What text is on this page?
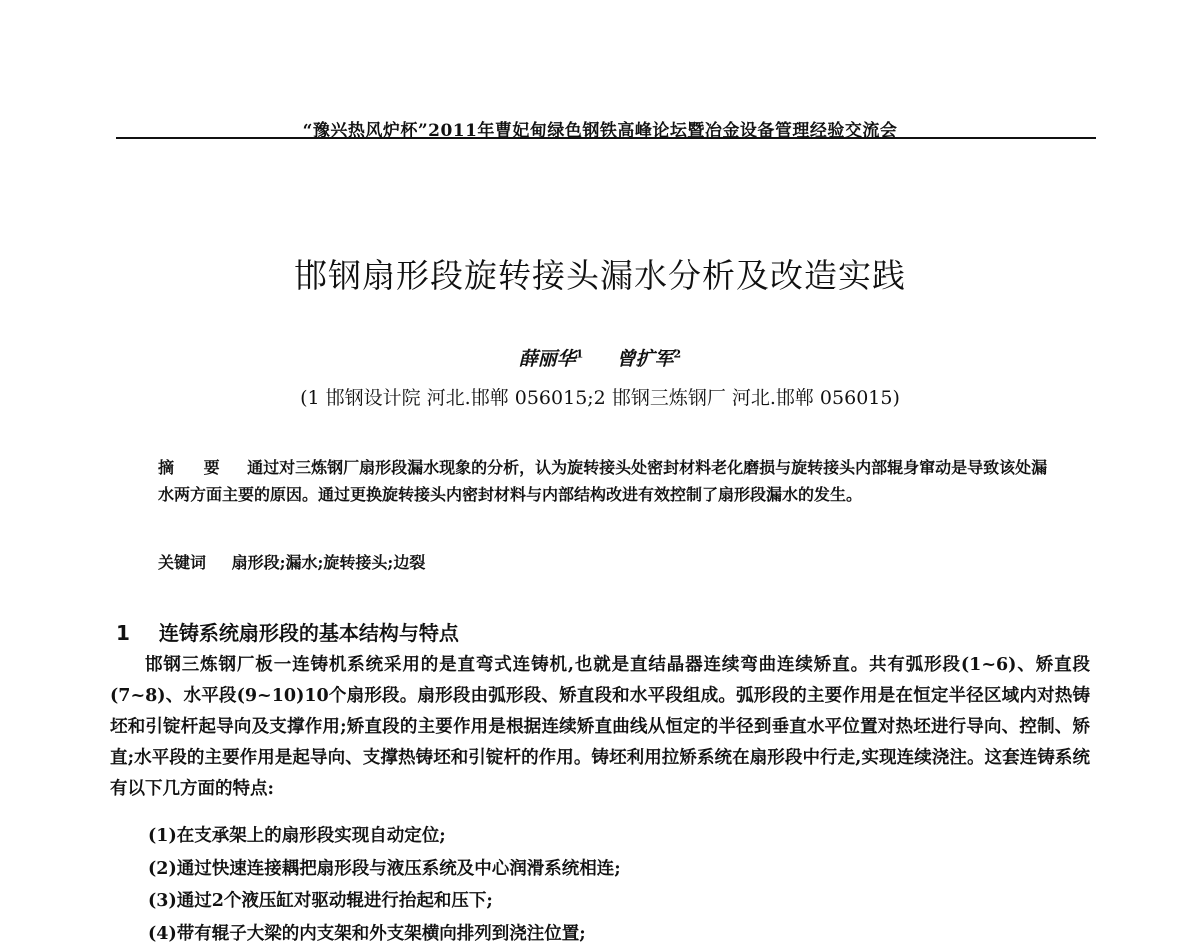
“豫兴热风炉杯”2011年曹妃甸绿色钢铁高峰论坛暨冶金设备管理经验交流会
邯钢扇形段旋转接头漏水分析及改造实践
薛丽华$^1$ 曾扩军$^2$
(1 邯钢设计院 河北.邯郸 056015;2 邯钢三炼钢厂 河北.邯郸 056015)
摘 要 通过对三炼钢厂扇形段漏水现象的分析，认为旋转接头处密封材料老化磨损与旋转接头内部辊身窜动是导致该处漏水两方面主要的原因。通过更换旋转接头内密封材料与内部结构改进有效控制了扇形段漏水的发生。
关键词 扇形段;漏水;旋转接头;边裂
1 连铸系统扇形段的基本结构与特点

邯钢三炼钢厂板一连铸机系统采用的是直弯式连铸机,也就是直结晶器连续弯曲连续矫直。共有弧形段(1~6)、矫直段(7~8)、水平段(9~10)10个扇形段。扇形段由弧形段、矫直段和水平段组成。弧形段的主要作用是在恒定半径区域内对热铸坯和引锭杆起导向及支撑作用;矫直段的主要作用是根据连续矫直曲线从恒定的半径到垂直水平位置对热坯进行导向、控制、矫直;水平段的主要作用是起导向、支撑热铸坯和引锭杆的作用。铸坯利用拉矫系统在扇形段中行走,实现连续浇注。这套连铸系统有以下几方面的特点:

(1)在支承架上的扇形段实现自动定位;
(2)通过快速连接耦把扇形段与液压系统及中心润滑系统相连;
(3)通过2个液压缸对驱动辊进行抬起和压下;
(4)带有辊子大梁的内支架和外支架横向排列到浇注位置;
